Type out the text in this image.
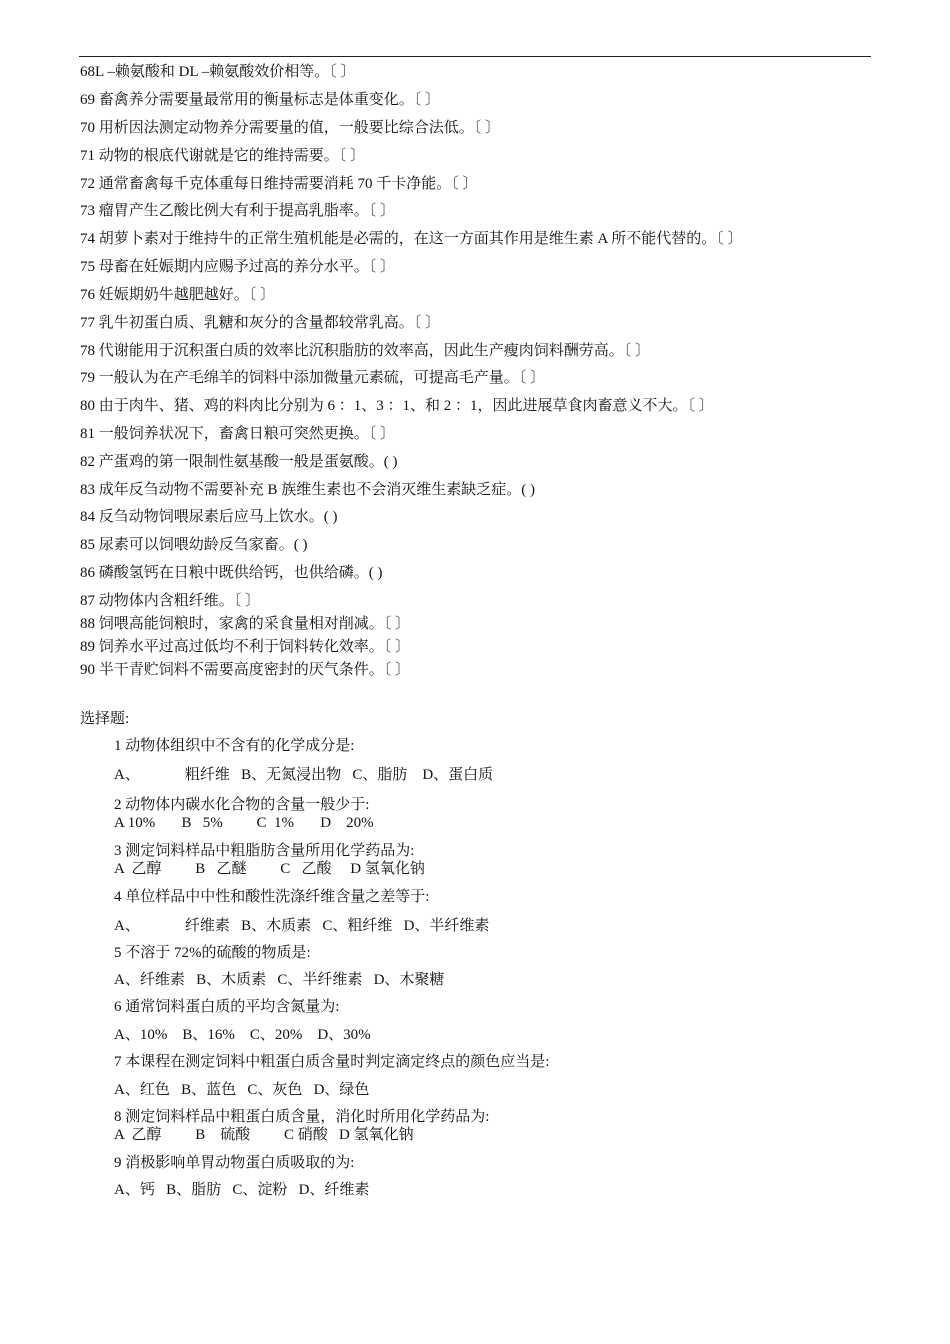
68L –赖氨酸和 DL –赖氨酸效价相等。〔 〕
69 畜禽养分需要量最常用的衡量标志是体重变化。〔 〕
70 用析因法测定动物养分需要量的值，一般要比综合法低。〔 〕
71 动物的根底代谢就是它的维持需要。〔 〕
72 通常畜禽每千克体重每日维持需要消耗 70 千卡净能。〔 〕
73 瘤胃产生乙酸比例大有利于提高乳脂率。〔 〕
74 胡萝卜素对于维持牛的正常生殖机能是必需的，在这一方面其作用是维生素 A 所不能代替的。〔 〕
75 母畜在妊娠期内应赐予过高的养分水平。〔 〕
76 妊娠期奶牛越肥越好。〔 〕
77 乳牛初蛋白质、乳糖和灰分的含量都较常乳高。〔 〕
78 代谢能用于沉积蛋白质的效率比沉积脂肪的效率高，因此生产瘦肉饲料酬劳高。〔 〕
79 一般认为在产毛绵羊的饲料中添加微量元素硫，可提高毛产量。〔 〕
80 由于肉牛、猪、鸡的料肉比分别为 6 ：1、3 ：1、和 2 ：1，因此进展草食肉畜意义不大。〔 〕
81 一般饲养状况下，畜禽日粮可突然更换。〔 〕
82 产蛋鸡的第一限制性氨基酸一般是蛋氨酸。( )
83 成年反刍动物不需要补充 B 族维生素也不会消灭维生素缺乏症。( )
84 反刍动物饲喂尿素后应马上饮水。( )
85 尿素可以饲喂幼龄反刍家畜。( )
86 磷酸氢钙在日粮中既供给钙，也供给磷。( )
87 动物体内含粗纤维。〔 〕
88 饲喂高能饲粮时，家禽的采食量相对削减。〔 〕
89 饲养水平过高过低均不利于饲料转化效率。〔 〕
90 半干青贮饲料不需要高度密封的厌气条件。〔 〕
选择题:
1 动物体组织中不含有的化学成分是:
A、            粗纤维   B、无氮浸出物   C、脂肪    D、蛋白质
2 动物体内碳水化合物的含量一般少于:
A 10%       B   5%         C  1%       D    20%
3 测定饲料样品中粗脂肪含量所用化学药品为:
A  乙醇         B   乙醚         C   乙酸     D 氢氧化钠
4 单位样品中中性和酸性洗涤纤维含量之差等于:
A、            纤维素   B、木质素   C、粗纤维   D、半纤维素
5 不溶于 72%的硫酸的物质是:
A、纤维素   B、木质素   C、半纤维素   D、木聚糖
6 通常饲料蛋白质的平均含氮量为:
A、10%    B、16%    C、20%    D、30%
7 本课程在测定饲料中粗蛋白质含量时判定滴定终点的颜色应当是:
A、红色   B、蓝色   C、灰色   D、绿色
8 测定饲料样品中粗蛋白质含量，消化时所用化学药品为:
A  乙醇         B    硫酸         C 硝酸   D 氢氧化钠
9 消极影响单胃动物蛋白质吸取的为:
A、钙   B、脂肪   C、淀粉   D、纤维素
